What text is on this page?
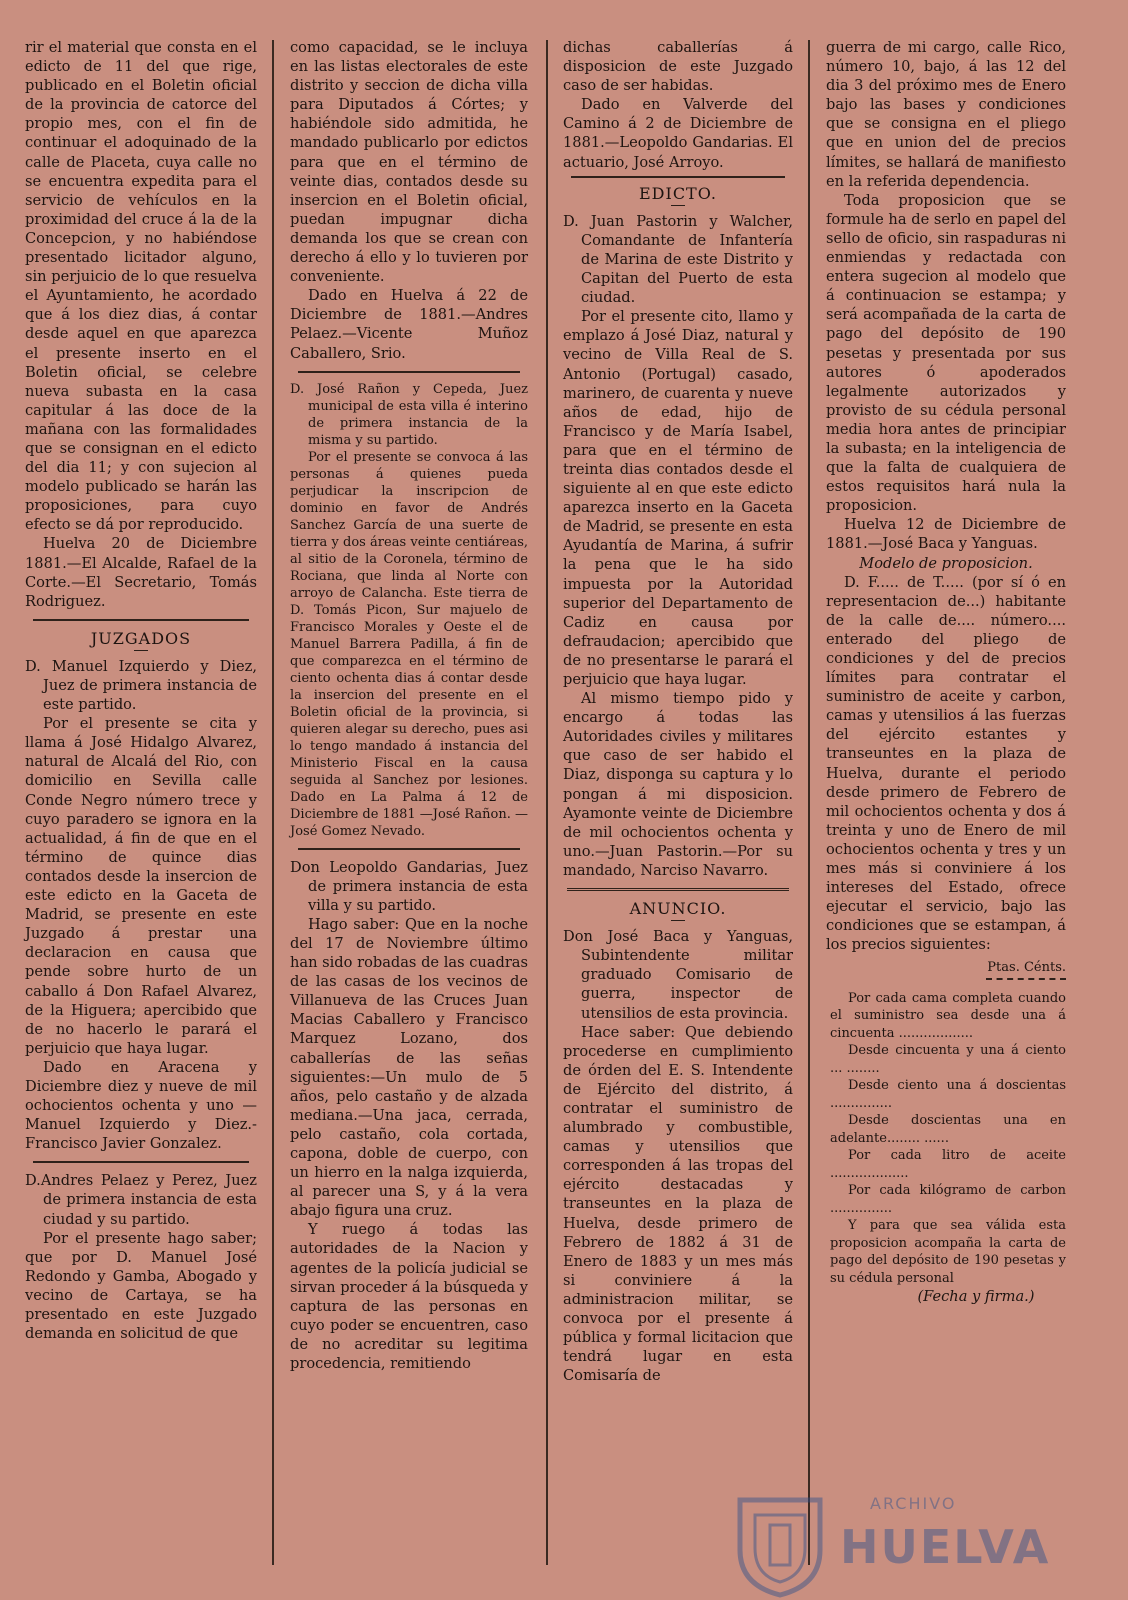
rir el material que consta en el edicto de 11 del que rige, publicado en el Boletin oficial de la provincia de catorce del propio mes, con el fin de continuar el adoquinado de la calle de Placeta, cuya calle no se encuentra expedita para el servicio de vehículos en la proximidad del cruce á la de la Concepcion, y no habiéndose presentado licitador alguno, sin perjuicio de lo que resuelva el Ayuntamiento, he acordado que á los diez dias, á contar desde aquel en que aparezca el presente inserto en el Boletin oficial, se celebre nueva subasta en la casa capitular á las doce de la mañana con las formalidades que se consignan en el edicto del dia 11; y con sujecion al modelo publicado se harán las proposiciones, para cuyo efecto se dá por reproducido.

Huelva 20 de Diciembre 1881.—El Alcalde, Rafael de la Corte.—El Secretario, Tomás Rodriguez.

JUZGADOS

D. Manuel Izquierdo y Diez, Juez de primera instancia de este partido.

Por el presente se cita y llama á José Hidalgo Alvarez, natural de Alcalá del Rio, con domicilio en Sevilla calle Conde Negro número trece y cuyo paradero se ignora en la actualidad, á fin de que en el término de quince dias contados desde la insercion de este edicto en la Gaceta de Madrid, se presente en este Juzgado á prestar una declaracion en causa que pende sobre hurto de un caballo á Don Rafael Alvarez, de la Higuera; apercibido que de no hacerlo le parará el perjuicio que haya lugar.

Dado en Aracena y Diciembre diez y nueve de mil ochocientos ochenta y uno —Manuel Izquierdo y Diez.-Francisco Javier Gonzalez.

D.Andres Pelaez y Perez, Juez de primera instancia de esta ciudad y su partido.

Por el presente hago saber; que por D. Manuel José Redondo y Gamba, Abogado y vecino de Cartaya, se ha presentado en este Juzgado demanda en solicitud de que

como capacidad, se le incluya en las listas electorales de este distrito y seccion de dicha villa para Diputados á Córtes; y habiéndole sido admitida, he mandado publicarlo por edictos para que en el término de veinte dias, contados desde su insercion en el Boletin oficial, puedan impugnar dicha demanda los que se crean con derecho á ello y lo tuvieren por conveniente.

Dado en Huelva á 22 de Diciembre de 1881.—Andres Pelaez.—Vicente Muñoz Caballero, Srio.

D. José Rañon y Cepeda, Juez municipal de esta villa é interino de primera instancia de la misma y su partido.

Por el presente se convoca á las personas á quienes pueda perjudicar la inscripcion de dominio en favor de Andrés Sanchez García de una suerte de tierra y dos áreas veinte centiáreas, al sitio de la Coronela, término de Rociana, que linda al Norte con arroyo de Calancha. Este tierra de D. Tomás Picon, Sur majuelo de Francisco Morales y Oeste el de Manuel Barrera Padilla, á fin de que comparezca en el término de ciento ochenta dias á contar desde la insercion del presente en el Boletin oficial de la provincia, si quieren alegar su derecho, pues asi lo tengo mandado á instancia del Ministerio Fiscal en la causa seguida al Sanchez por lesiones. Dado en La Palma á 12 de Diciembre de 1881 —José Rañon. —José Gomez Nevado.

Don Leopoldo Gandarias, Juez de primera instancia de esta villa y su partido.

Hago saber: Que en la noche del 17 de Noviembre último han sido robadas de las cuadras de las casas de los vecinos de Villanueva de las Cruces Juan Macias Caballero y Francisco Marquez Lozano, dos caballerías de las señas siguientes:—Un mulo de 5 años, pelo castaño y de alzada mediana.—Una jaca, cerrada, pelo castaño, cola cortada, capona, doble de cuerpo, con un hierro en la nalga izquierda, al parecer una S, y á la vera abajo figura una cruz.

Y ruego á todas las autoridades de la Nacion y agentes de la policía judicial se sirvan proceder á la búsqueda y captura de las personas en cuyo poder se encuentren, caso de no acreditar su legitima procedencia, remitiendo

dichas caballerías á disposicion de este Juzgado caso de ser habidas.

Dado en Valverde del Camino á 2 de Diciembre de 1881.—Leopoldo Gandarias. El actuario, José Arroyo.

EDICTO.

D. Juan Pastorin y Walcher, Comandante de Infantería de Marina de este Distrito y Capitan del Puerto de esta ciudad.

Por el presente cito, llamo y emplazo á José Diaz, natural y vecino de Villa Real de S. Antonio (Portugal) casado, marinero, de cuarenta y nueve años de edad, hijo de Francisco y de María Isabel, para que en el término de treinta dias contados desde el siguiente al en que este edicto aparezca inserto en la Gaceta de Madrid, se presente en esta Ayudantía de Marina, á sufrir la pena que le ha sido impuesta por la Autoridad superior del Departamento de Cadiz en causa por defraudacion; apercibido que de no presentarse le parará el perjuicio que haya lugar.

Al mismo tiempo pido y encargo á todas las Autoridades civiles y militares que caso de ser habido el Diaz, disponga su captura y lo pongan á mi disposicion. Ayamonte veinte de Diciembre de mil ochocientos ochenta y uno.—Juan Pastorin.—Por su mandado, Narciso Navarro.

ANUNCIO.

Don José Baca y Yanguas, Subintendente militar graduado Comisario de guerra, inspector de utensilios de esta provincia.

Hace saber: Que debiendo procederse en cumplimiento de órden del E. S. Intendente de Ejército del distrito, á contratar el suministro de alumbrado y combustible, camas y utensilios que corresponden á las tropas del ejército destacadas y transeuntes en la plaza de Huelva, desde primero de Febrero de 1882 á 31 de Enero de 1883 y un mes más si conviniere á la administracion militar, se convoca por el presente á pública y formal licitacion que tendrá lugar en esta Comisaría de

guerra de mi cargo, calle Rico, número 10, bajo, á las 12 del dia 3 del próximo mes de Enero bajo las bases y condiciones que se consigna en el pliego que en union del de precios límites, se hallará de manifiesto en la referida dependencia.

Toda proposicion que se formule ha de serlo en papel del sello de oficio, sin raspaduras ni enmiendas y redactada con entera sugecion al modelo que á continuacion se estampa; y será acompañada de la carta de pago del depósito de 190 pesetas y presentada por sus autores ó apoderados legalmente autorizados y provisto de su cédula personal media hora antes de principiar la subasta; en la inteligencia de que la falta de cualquiera de estos requisitos hará nula la proposicion.

Huelva 12 de Diciembre de 1881.—José Baca y Yanguas.

Modelo de proposicion.

D. F..... de T..... (por sí ó en representacion de...) habitante de la calle de.... número.... enterado del pliego de condiciones y del de precios límites para contratar el suministro de aceite y carbon, camas y utensilios á las fuerzas del ejército estantes y transeuntes en la plaza de Huelva, durante el periodo desde primero de Febrero de mil ochocientos ochenta y dos á treinta y uno de Enero de mil ochocientos ochenta y tres y un mes más si conviniere á los intereses del Estado, ofrece ejecutar el servicio, bajo las condiciones que se estampan, á los precios siguientes:

Ptas. Cénts.

Por cada cama completa cuando el suministro sea desde una á cincuenta ..................

Desde cincuenta y una á ciento ... ........

Desde ciento una á doscientas ...............

Desde doscientas una en adelante........ ......

Por cada litro de aceite ...................

Por cada kilógramo de carbon ...............

Y para que sea válida esta proposicion acompaña la carta de pago del depósito de 190 pesetas y su cédula personal

(Fecha y firma.)

ARCHIVO
HUELVA
